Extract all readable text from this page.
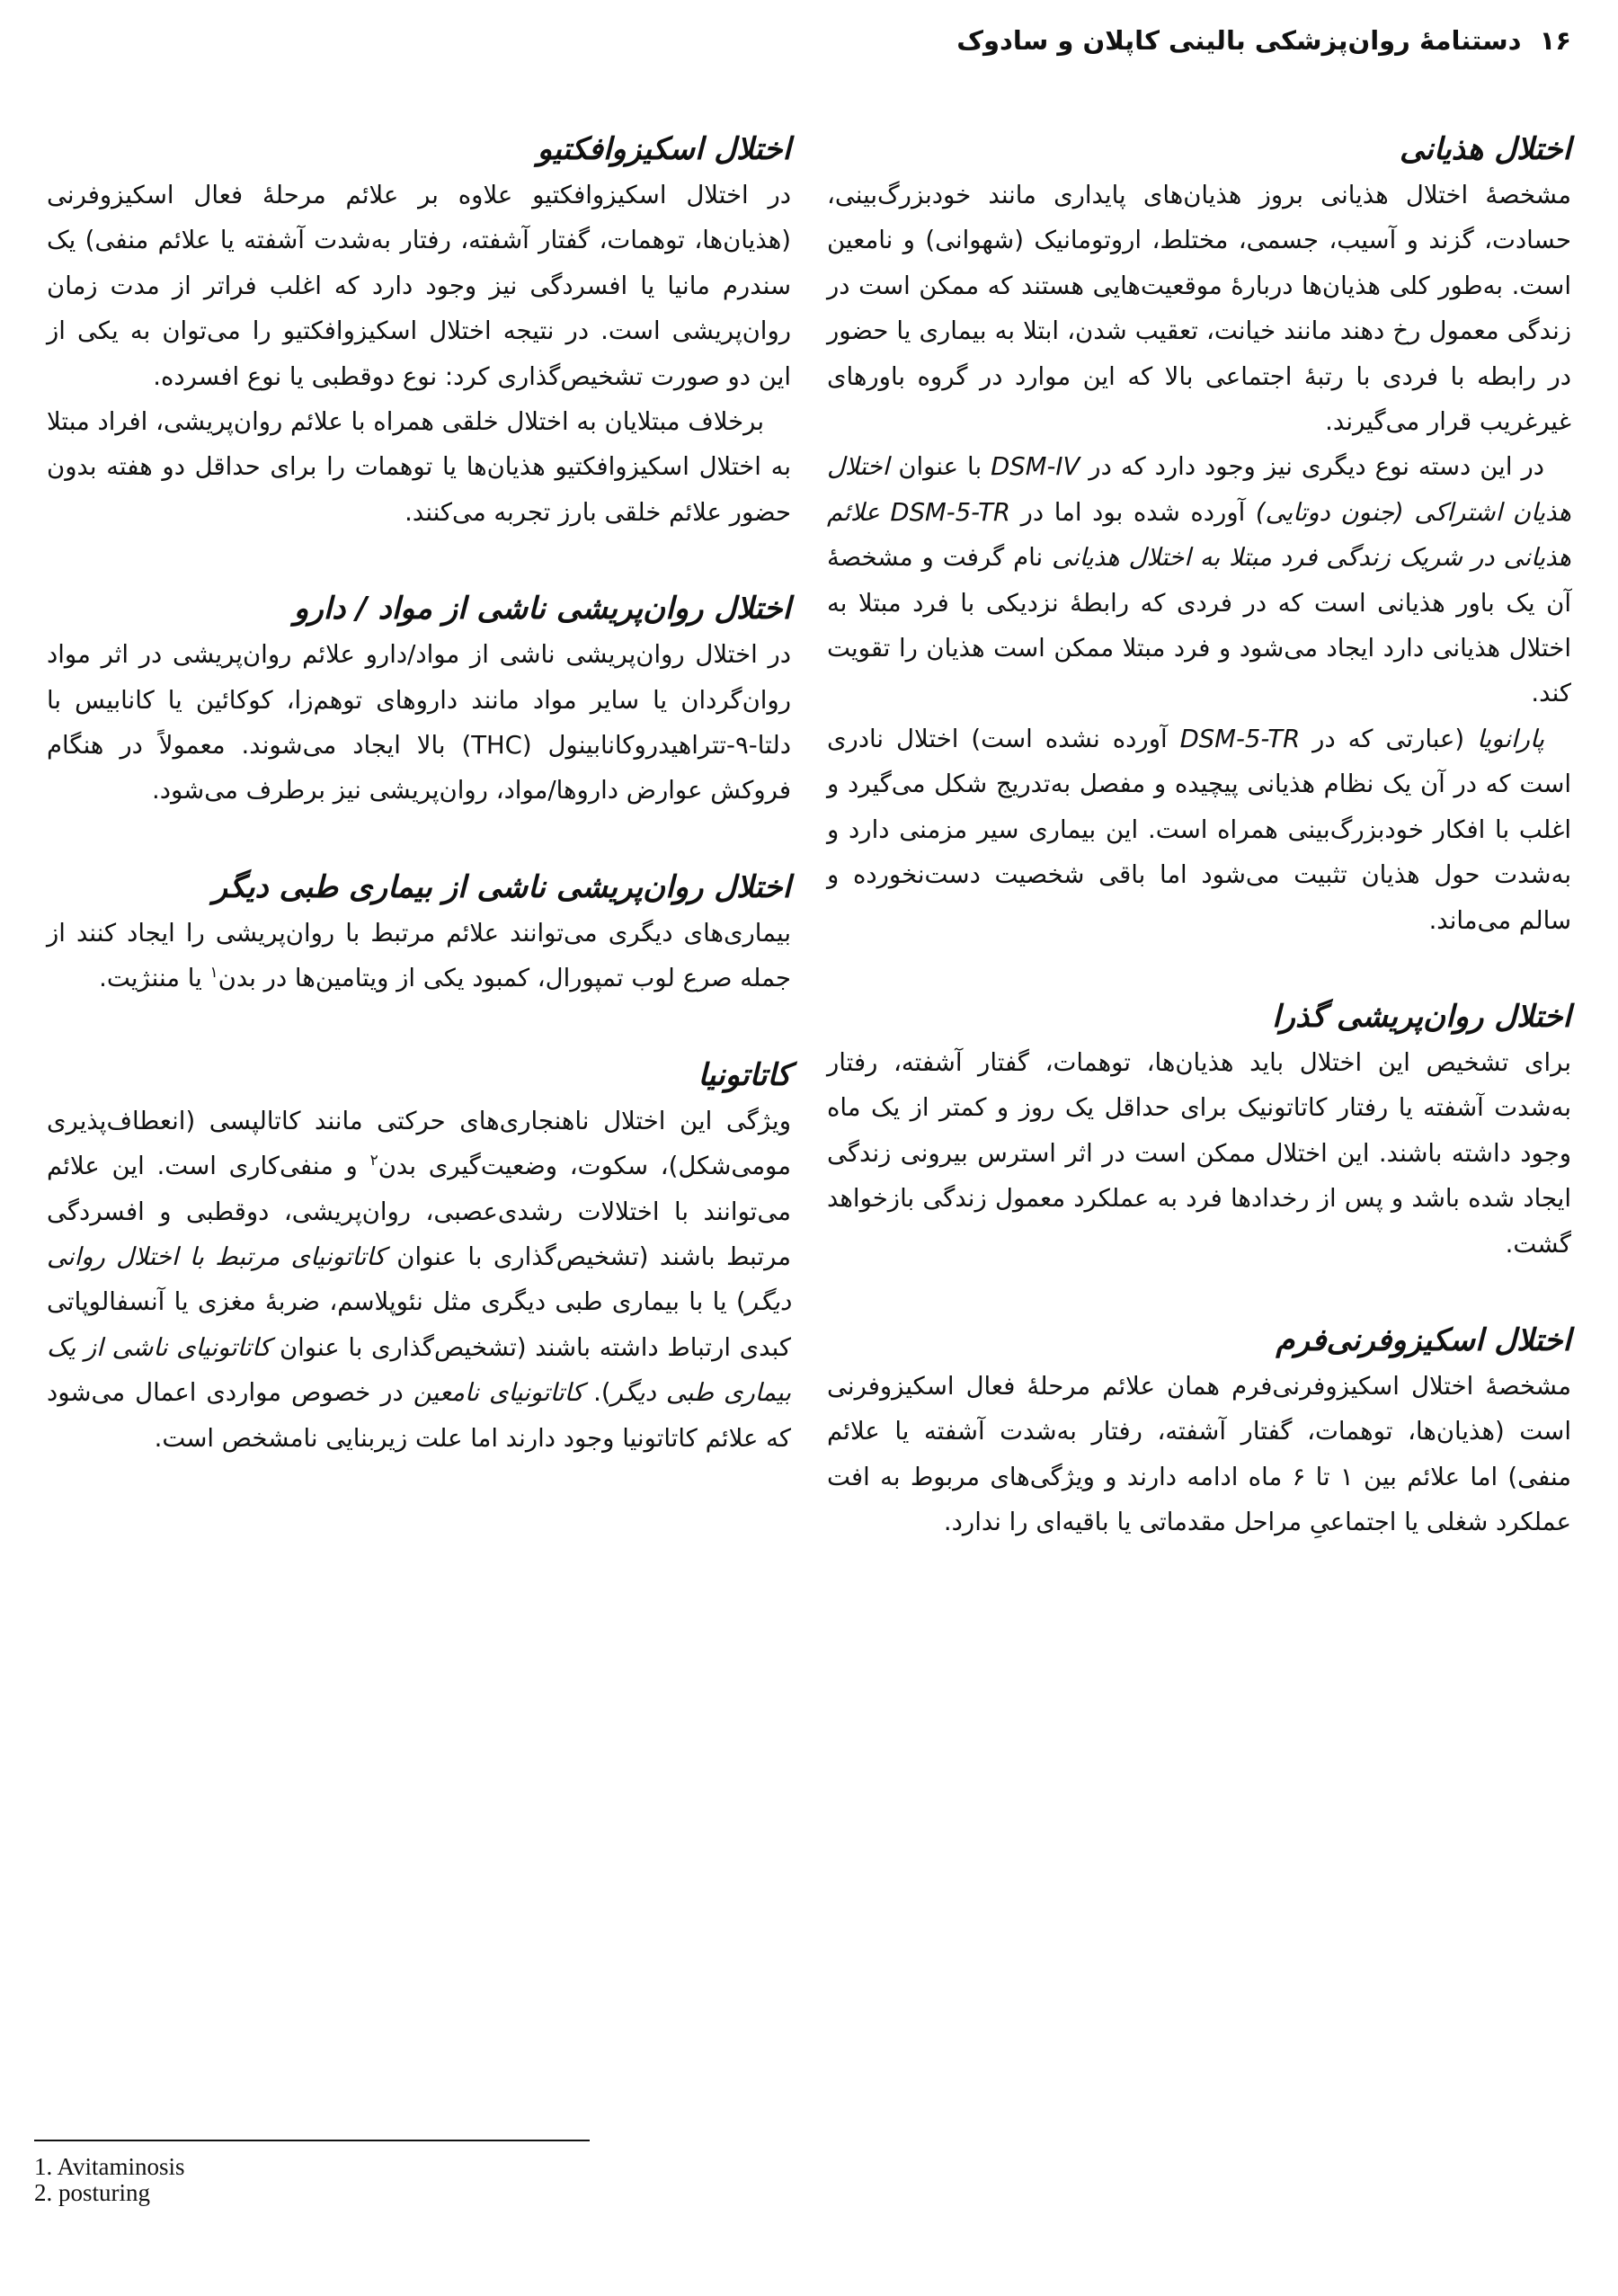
۱۶ دستنامهٔ روان‌پزشکی بالینی کاپلان و سادوک
اختلال هذیانی

مشخصهٔ اختلال هذیانی بروز هذیان‌های پایداری مانند خودبزرگ‌بینی، حسادت، گزند و آسیب، جسمی، مختلط، اروتومانیک (شهوانی) و نامعین است. به‌طور کلی هذیان‌ها دربارهٔ موقعیت‌هایی هستند که ممکن است در زندگی معمول رخ دهند مانند خیانت، تعقیب شدن، ابتلا به بیماری یا حضور در رابطه با فردی با رتبهٔ اجتماعی بالا که این موارد در گروه باورهای غیرغریب قرار می‌گیرند.

در این دسته نوع دیگری نیز وجود دارد که در DSM-IV با عنوان اختلال هذیان اشتراکی (جنون دوتایی) آورده شده بود اما در DSM-5-TR علائم هذیانی در شریک زندگی فرد مبتلا به اختلال هذیانی نام گرفت و مشخصهٔ آن یک باور هذیانی است که در فردی که رابطهٔ نزدیکی با فرد مبتلا به اختلال هذیانی دارد ایجاد می‌شود و فرد مبتلا ممکن است هذیان را تقویت کند.

پارانویا (عبارتی که در DSM-5-TR آورده نشده است) اختلال نادری است که در آن یک نظام هذیانی پیچیده و مفصل به‌تدریج شکل می‌گیرد و اغلب با افکار خودبزرگ‌بینی همراه است. این بیماری سیر مزمنی دارد و به‌شدت حول هذیان تثبیت می‌شود اما باقی شخصیت دست‌نخورده و سالم می‌ماند.

اختلال روان‌پریشی گذرا

برای تشخیص این اختلال باید هذیان‌ها، توهمات، گفتار آشفته، رفتار به‌شدت آشفته یا رفتار کاتاتونیک برای حداقل یک روز و کمتر از یک ماه وجود داشته باشند. این اختلال ممکن است در اثر استرس بیرونی زندگی ایجاد شده باشد و پس از رخدادها فرد به عملکرد معمول زندگی بازخواهد گشت.

اختلال اسکیزوفرنی‌فرم

مشخصهٔ اختلال اسکیزوفرنی‌فرم همان علائم مرحلهٔ فعال اسکیزوفرنی است (هذیان‌ها، توهمات، گفتار آشفته، رفتار به‌شدت آشفته یا علائم منفی) اما علائم بین ۱ تا ۶ ماه ادامه دارند و ویژگی‌های مربوط به افت عملکرد شغلی یا اجتماعیِ مراحل مقدماتی یا باقیه‌ای را ندارد.

اختلال اسکیزوافکتیو

در اختلال اسکیزوافکتیو علاوه بر علائم مرحلهٔ فعال اسکیزوفرنی (هذیان‌ها، توهمات، گفتار آشفته، رفتار به‌شدت آشفته یا علائم منفی) یک سندرم مانیا یا افسردگی نیز وجود دارد که اغلب فراتر از مدت زمان روان‌پریشی است. در نتیجه اختلال اسکیزوافکتیو را می‌توان به یکی از این دو صورت تشخیص‌گذاری کرد: نوع دوقطبی یا نوع افسرده.

برخلاف مبتلایان به اختلال خلقی همراه با علائم روان‌پریشی، افراد مبتلا به اختلال اسکیزوافکتیو هذیان‌ها یا توهمات را برای حداقل دو هفته بدون حضور علائم خلقی بارز تجربه می‌کنند.

اختلال روان‌پریشی ناشی از مواد / دارو

در اختلال روان‌پریشی ناشی از مواد/دارو علائم روان‌پریشی در اثر مواد روان‌گردان یا سایر مواد مانند داروهای توهم‌زا، کوکائین یا کانابیس با دلتا-۹-تتراهیدروکانابینول (THC) بالا ایجاد می‌شوند. معمولاً در هنگام فروکش عوارض داروها/مواد، روان‌پریشی نیز برطرف می‌شود.

اختلال روان‌پریشی ناشی از بیماری طبی دیگر

بیماری‌های دیگری می‌توانند علائم مرتبط با روان‌پریشی را ایجاد کنند از جمله صرع لوب تمپورال، کمبود یکی از ویتامین‌ها در بدن$^۱$ یا مننژیت.

کاتاتونیا

ویژگی این اختلال ناهنجاری‌های حرکتی مانند کاتالپسی (انعطاف‌پذیری مومی‌شکل)، سکوت، وضعیت‌گیری بدن$^۲$ و منفی‌کاری است. این علائم می‌توانند با اختلالات رشدی‌عصبی، روان‌پریشی، دوقطبی و افسردگی مرتبط باشند (تشخیص‌گذاری با عنوان کاتاتونیای مرتبط با اختلال روانی دیگر) یا با بیماری طبی دیگری مثل نئوپلاسم، ضربهٔ مغزی یا آنسفالوپاتی کبدی ارتباط داشته باشند (تشخیص‌گذاری با عنوان کاتاتونیای ناشی از یک بیماری طبی دیگر). کاتاتونیای نامعین در خصوص مواردی اعمال می‌شود که علائم کاتاتونیا وجود دارند اما علت زیربنایی نامشخص است.

1. Avitaminosis
2. posturing
